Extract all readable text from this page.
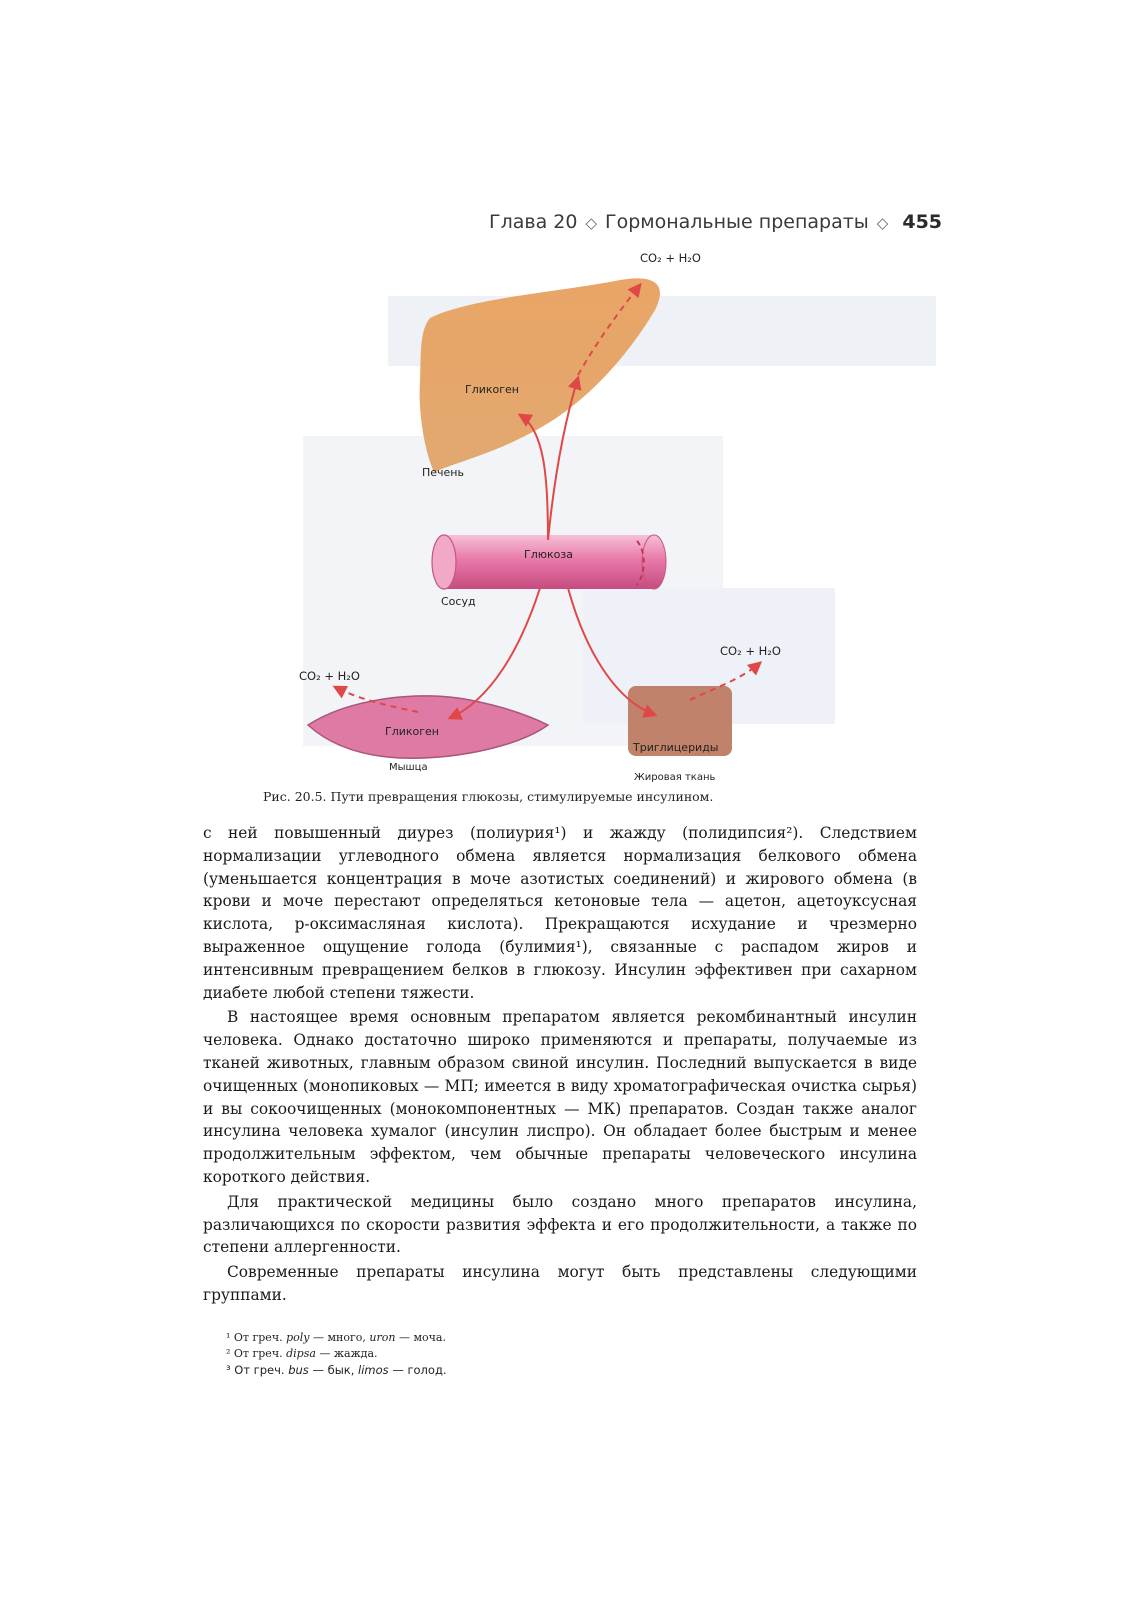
Глава 20 ◇ Гормональные препараты ◇ 455
CO₂ + H₂O
Гликоген
Печень
Глюкоза
Сосуд
CO₂ + H₂O
CO₂ + H₂O
Гликоген
Мышца
Триглицериды
Жировая ткань
Рис. 20.5. Пути превращения глюкозы, стимулируемые инсулином.

с ней повышенный диурез (полиурия¹) и жажду (полидипсия²). Следствием нормализации углеводного обмена является нормализация белкового обмена (уменьшается концентрация в моче азотистых соединений) и жирового обмена (в крови и моче перестают определяться кетоновые тела — ацетон, ацетоуксусная кислота, р-оксимасляная кислота). Прекращаются исхудание и чрезмерно выраженное ощущение голода (булимия¹), связанные с распадом жиров и интенсивным превращением белков в глюкозу. Инсулин эффективен при сахарном диабете любой степени тяжести.

В настоящее время основным препаратом является рекомбинантный инсулин человека. Однако достаточно широко применяются и препараты, получаемые из тканей животных, главным образом свиной инсулин. Последний выпускается в виде очищенных (монопиковых — МП; имеется в виду хроматографическая очистка сырья) и вы сокоочищенных (монокомпонентных — МК) препаратов. Создан также аналог инсулина человека хумалог (инсулин лиспро). Он обладает более быстрым и менее продолжительным эффектом, чем обычные препараты человеческого инсулина короткого действия.

Для практической медицины было создано много препаратов инсулина, различающихся по скорости развития эффекта и его продолжительности, а также по степени аллергенности.

Современные препараты инсулина могут быть представлены следующими группами.

¹ От греч. poly — много, uron — моча.
² От греч. dipsa — жажда.
³ От греч. bus — бык, limos — голод.
